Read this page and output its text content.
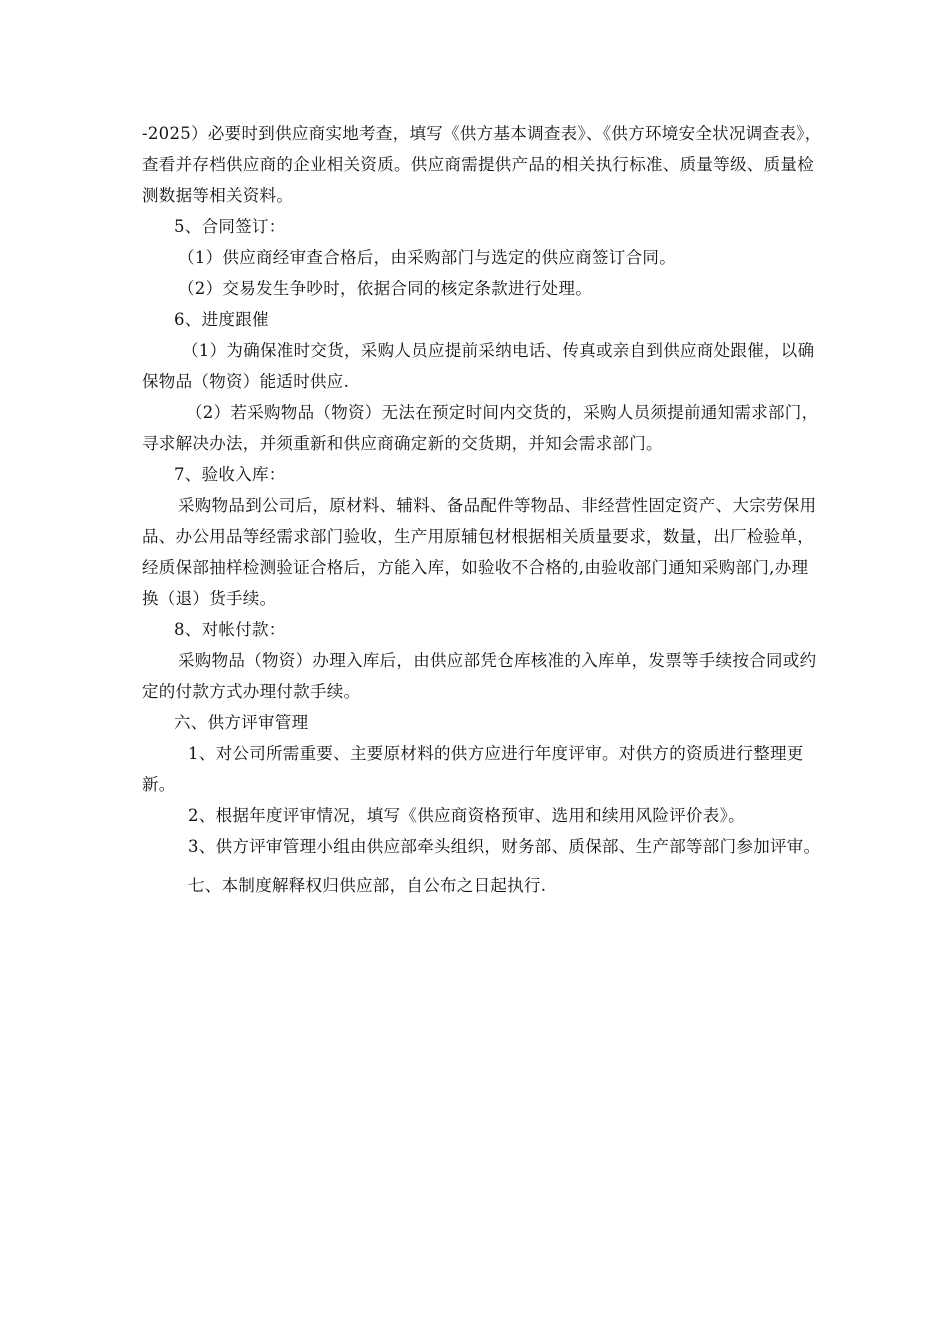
-2025）必要时到供应商实地考查，填写《供方基本调查表》、《供方环境安全状况调查表》，查看并存档供应商的企业相关资质。供应商需提供产品的相关执行标准、质量等级、质量检测数据等相关资料。

5、合同签订：

（1）供应商经审查合格后，由采购部门与选定的供应商签订合同。

（2）交易发生争吵时，依据合同的核定条款进行处理。

6、进度跟催

（1）为确保准时交货，采购人员应提前采纳电话、传真或亲自到供应商处跟催，以确保物品（物资）能适时供应.

（2）若采购物品（物资）无法在预定时间内交货的，采购人员须提前通知需求部门，寻求解决办法，并须重新和供应商确定新的交货期，并知会需求部门。

7、验收入库：

采购物品到公司后，原材料、辅料、备品配件等物品、非经营性固定资产、大宗劳保用品、办公用品等经需求部门验收，生产用原辅包材根据相关质量要求，数量，出厂检验单，经质保部抽样检测验证合格后，方能入库，如验收不合格的,由验收部门通知采购部门,办理换（退）货手续。

8、对帐付款：

采购物品（物资）办理入库后，由供应部凭仓库核准的入库单，发票等手续按合同或约定的付款方式办理付款手续。

六、供方评审管理

1、对公司所需重要、主要原材料的供方应进行年度评审。对供方的资质进行整理更新。

2、根据年度评审情况，填写《供应商资格预审、选用和续用风险评价表》。

3、供方评审管理小组由供应部牵头组织，财务部、质保部、生产部等部门参加评审。

七、本制度解释权归供应部，自公布之日起执行.
